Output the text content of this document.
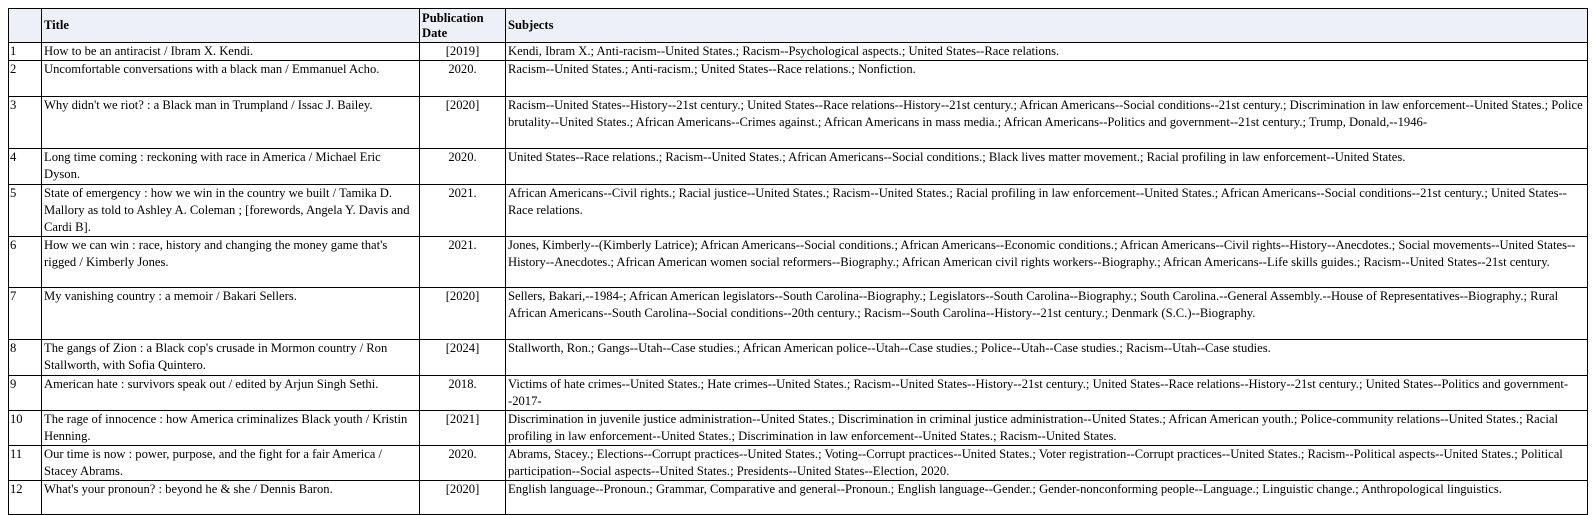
	Title	Publication Date	Subjects
1	How to be an antiracist / Ibram X. Kendi.	[2019]	Kendi, Ibram X.; Anti-racism--United States.; Racism--Psychological aspects.; United States--Race relations.
2	Uncomfortable conversations with a black man / Emmanuel Acho.	2020.	Racism--United States.; Anti-racism.; United States--Race relations.; Nonfiction.
3	Why didn't we riot? : a Black man in Trumpland / Issac J. Bailey.	[2020]	Racism--United States--History--21st century.; United States--Race relations--History--21st century.; African Americans--Social conditions--21st century.; Discrimination in law enforcement--United States.; Police brutality--United States.; African Americans--Crimes against.; African Americans in mass media.; African Americans--Politics and government--21st century.; Trump, Donald,--1946-
4	Long time coming : reckoning with race in America / Michael Eric Dyson.	2020.	United States--Race relations.; Racism--United States.; African Americans--Social conditions.; Black lives matter movement.; Racial profiling in law enforcement--United States.
5	State of emergency : how we win in the country we built / Tamika D. Mallory as told to Ashley A. Coleman ; [forewords, Angela Y. Davis and Cardi B].	2021.	African Americans--Civil rights.; Racial justice--United States.; Racism--United States.; Racial profiling in law enforcement--United States.; African Americans--Social conditions--21st century.; United States--Race relations.
6	How we can win : race, history and changing the money game that's rigged / Kimberly Jones.	2021.	Jones, Kimberly--(Kimberly Latrice); African Americans--Social conditions.; African Americans--Economic conditions.; African Americans--Civil rights--History--Anecdotes.; Social movements--United States--History--Anecdotes.; African American women social reformers--Biography.; African American civil rights workers--Biography.; African Americans--Life skills guides.; Racism--United States--21st century.
7	My vanishing country : a memoir / Bakari Sellers.	[2020]	Sellers, Bakari,--1984-; African American legislators--South Carolina--Biography.; Legislators--South Carolina--Biography.; South Carolina.--General Assembly.--House of Representatives--Biography.; Rural African Americans--South Carolina--Social conditions--20th century.; Racism--South Carolina--History--21st century.; Denmark (S.C.)--Biography.
8	The gangs of Zion : a Black cop's crusade in Mormon country / Ron Stallworth, with Sofia Quintero.	[2024]	Stallworth, Ron.; Gangs--Utah--Case studies.; African American police--Utah--Case studies.; Police--Utah--Case studies.; Racism--Utah--Case studies.
9	American hate : survivors speak out / edited by Arjun Singh Sethi.	2018.	Victims of hate crimes--United States.; Hate crimes--United States.; Racism--United States--History--21st century.; United States--Race relations--History--21st century.; United States--Politics and government--2017-
10	The rage of innocence : how America criminalizes Black youth / Kristin Henning.	[2021]	Discrimination in juvenile justice administration--United States.; Discrimination in criminal justice administration--United States.; African American youth.; Police-community relations--United States.; Racial profiling in law enforcement--United States.; Discrimination in law enforcement--United States.; Racism--United States.
11	Our time is now : power, purpose, and the fight for a fair America / Stacey Abrams.	2020.	Abrams, Stacey.; Elections--Corrupt practices--United States.; Voting--Corrupt practices--United States.; Voter registration--Corrupt practices--United States.; Racism--Political aspects--United States.; Political participation--Social aspects--United States.; Presidents--United States--Election, 2020.
12	What's your pronoun? : beyond he & she / Dennis Baron.	[2020]	English language--Pronoun.; Grammar, Comparative and general--Pronoun.; English language--Gender.; Gender-nonconforming people--Language.; Linguistic change.; Anthropological linguistics.
